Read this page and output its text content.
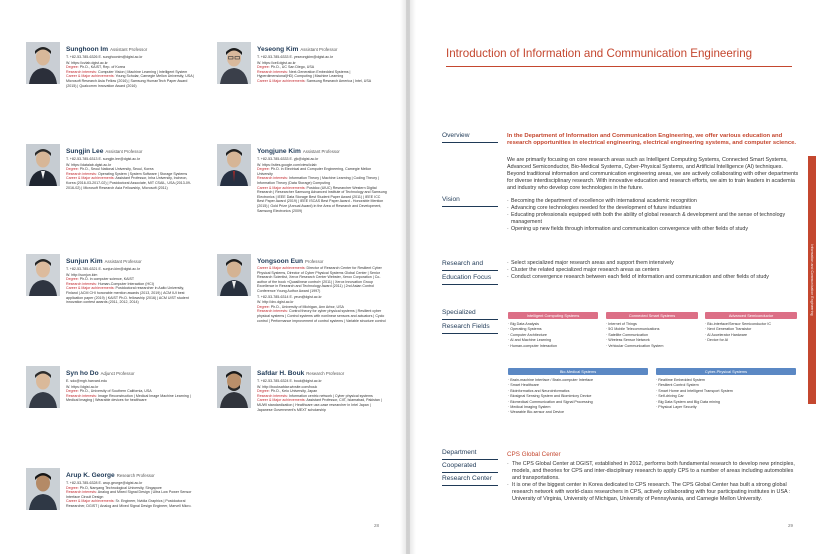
Sunghoon Im Assistant Professor
T. +82-53-785-6326 E. sunghoonim@dgist.ac.kr
W. https://cvlab.dgist.ac.kr
Degree: Ph.D., KAIST, Rep. of Korea
Research interests: Computer Vision | Machine Learning | Intelligent System
Career & Major achievements: Young Scholar, Carnegie Mellon University, USA | Microsoft Research Asia Fellow (2016) | Samsung HumanTech Paper Award (2015) | Qualcomm Innovation Award (2016)
Yeseong Kim Assistant Professor
T. +82-53-785-6333 E. yeseongkim@dgist.ac.kr
W. https://cell.dgist.ac.kr
Degree: Ph.D., UC San Diego, USA
Research interests: Next-Generation Embedded Systems | Hyperdimensional(HD) Computing | Machine Learning
Career & Major achievements: Samsung Research America | Intel, USA
Sungjin Lee Assistant Professor
T. +82-53-785-6313 E. sungjin.lee@dgist.ac.kr
W. https://datalab.dgist.ac.kr
Degree: Ph.D., Seoul National University, Seoul, Korea
Research interests: Operating System | System Software | Storage Systems
Career & Major achievements: Assistant Professor, Inha University, Incheon, Korea (2016-03-2017-02) | Postdoctoral Associate, MIT CSAIL, USA (2013-09-2016-02) | Microsoft Research Asia Fellowship, Microsoft (2011)
Yongjune Kim Assistant Professor
T. +82-53-785-6333 E. yjk@dgist.ac.kr
W. https://sites.google.com/view/iclab
Degree: Ph.D. in Electrical and Computer Engineering, Carnegie Mellon University
Research interests: Information Theory | Machine Learning | Coding Theory | Information Theory (Data Storage) Computing
Career & Major achievements: Postdoc (UIUC) Researcher Western Digital Research | Researcher Samsung Advanced Institute of Technology and Samsung Electronics | IEEE Data Storage Best Student Paper Award (2011) | IEEE ICC Best Paper Award (2019) | IEEE ISCAS Best Paper Award - Honorable Mention (2015) | Gold Prize (Annual Award) in the Area of Research and Development, Samsung Electronics (2009)
Sunjun Kim Assistant Professor
T. +82-53-785-6321 E. sunjun.kim@dgist.ac.kr
W. http://sunjun.kim
Degree: Ph.D. in computer science, KAIST
Research interests: Human-Computer Interaction (HCI)
Career & Major achievements: Postdoctoral researcher in Aalto University, Finland | ACM CHI honorable mention awards (2013, 2019) | ACM IUI best application paper (2019) | KAIST Ph.D. fellowship (2016) | ACM UIST student innovation contest awards (2011, 2012, 2014)
Yongsoon Eun Professor
Career & Major achievements: Director of Research Center for Resilient Cyber Physical Systems, Director of Cyber Physical Systems Global Center | Senior Research Scientist, Xerox Research Center Webster, Xerox Corporation | Co-author of the book »Quasilinear control« (2011) | Xerox Innovation Group Excellence in Research and Technology Award (2011) | 2nd Asian Control Conference Young Author Award (1997)
T. +82-53-785-6314 E. yeun@dgist.ac.kr
W. http://drc.dgist.ac.kr
Degree: Ph.D., University of Michigan, Ann Arbor, USA
Research interests: Control theory for cyber physical systems | Resilient cyber physical systems | Control systems with nonlinear sensors and actuators | Cyclo control | Performance improvement of control systems | Variable structure control
Syn ho Do Adjunct Professor
E. sdo@mgh.harvard.edu
W. https://dgist.ac.kr
Degree: Ph.D., University of Southern California, USA
Research interests: Image Reconstruction | Medical Image Machine Learning | Medical Imaging | Wearable devices for healthcare
Safdar H. Bouk Research Professor
T. +82-53-785-6324 E. bouk@dgist.ac.kr
W. http://bouksafdar.wixsite.com/bouk
Degree: Ph.D., Keio University, Japan
Research interests: Information centric network | Cyber physical systems
Career & Major achievements: Assistant Professor, CIIT, Islamabad, Pakistan | MUWI standardization | Healthcare use-case researcher in Intel Japan | Japanese Government's MEXT scholarship
Arup K. George Research Professor
T. +82-53-785-6328 E. arup.george@dgist.ac.kr
Degree: Ph.D, Nanyang Technological University, Singapore
Research interests: Analog and Mixed Signal Design | Ultra Low Power Sensor Interface Circuit Design
Career & Major achievements: Sr. Engineer, Nvidia Graphics | Postdoctoral Researcher, DGIST | Analog and Mixed Signal Design Engineer, Marvell Micro.
28
Introduction of Information and Communication Engineering
Overview	In the Department of Information and Communication Engineering, we offer various education and research opportunities in electrical engineering, electrical engineering systems, and computer science.
We are primarily focusing on core research areas such as Intelligent Computing Systems, Connected Smart Systems, Advanced Semiconductor, Bio-Medical Systems, Cyber-Physical Systems, and Artificial Intelligence (AI) techniques. Beyond traditional information and communication engineering areas, we are actively collaborating with other departments for diverse interdisciplinary research. With innovative education and research efforts, we aim to train leaders in academia and industry who develop core technologies in the future.
Vision	· Becoming the department of excellence with international academic recognition
· Advancing core technologies needed for the development of future industries
· Educating professionals equipped with both the ability of global research & development and the sense of technology management
· Opening up new fields through information and communication convergence with other fields of study
Research and
Education Focus
· Select specialized major research areas and support them intensively
· Cluster the related specialized major research areas as centers
· Conduct convergence research between each field of information and communication and other fields of study
Specialized
Research Fields
Intelligent Computing Systems
· Big Data Analysis
· Operating Systems
· Computer Architecture
· AI and Machine Learning
· Human-computer Interaction
Connected Smart Systems
· Internet of Things
· 5G Mobile Telecommunications
· Satellite Communication
· Wireless Sensor Network
· Vehicular Communication System
Advanced Semiconductor
· Bio-interface/Sensor Semiconductor IC
· Next Generation Transistor
· AI Accelerator Hardware
· Device for AI
Bio-Medical Systems
· Brain-machine Interface / Brain-computer Interface
· Smart Healthcare
· Bioinformatics and Neuroinformatics
· Biosignal Sensing System and Biomimicry Device
· Biomedical Communication and Signal Processing
· Medical Imaging System
· Wearable Bio-sensor and Device
Cyber-Physical Systems
· Realtime Embedded System
· Resilient Control System
· Smart Home and Intelligent Transport System
· Self-driving Car
· Big Data System and Big Data mining
· Physical Layer Security
Department
Cooperated
Research Center
CPS Global Center
· The CPS Global Center at DGIST, established in 2012, performs both fundamental research to develop new principles, models, and theories for CPS and inter-disciplinary research to apply CPS to a number of areas including automobiles and transportations.
· It is one of the biggest center in Korea dedicated to CPS research. The CPS Global Center has built a strong global research network with world-class researchers in CPS, actively collaborating with four participating institutes in USA : University of Virginia, University of Michigan, University of Pennsylvania, and Carnegie Mellon University.
Information and Communication Engineering
29
